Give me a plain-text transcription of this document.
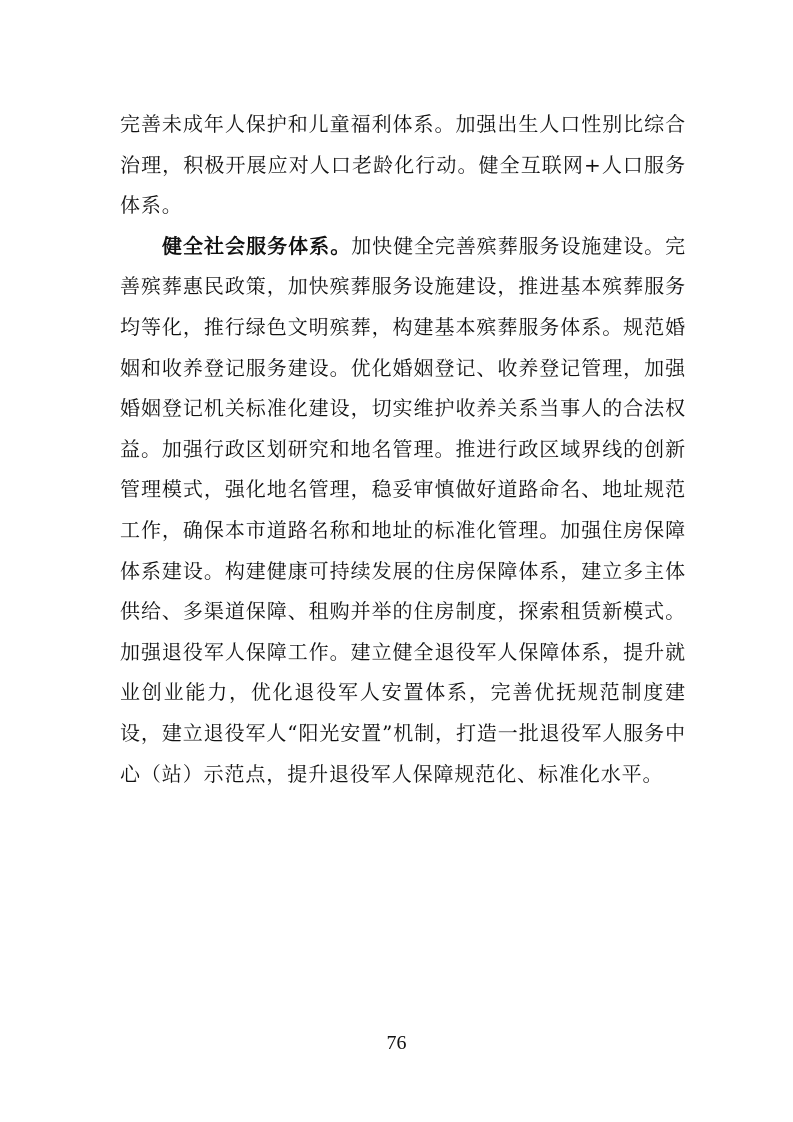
完善未成年人保护和儿童福利体系。加强出生人口性别比综合治理，积极开展应对人口老龄化行动。健全互联网+人口服务体系。

健全社会服务体系。加快健全完善殡葬服务设施建设。完善殡葬惠民政策，加快殡葬服务设施建设，推进基本殡葬服务均等化，推行绿色文明殡葬，构建基本殡葬服务体系。规范婚姻和收养登记服务建设。优化婚姻登记、收养登记管理，加强婚姻登记机关标准化建设，切实维护收养关系当事人的合法权益。加强行政区划研究和地名管理。推进行政区域界线的创新管理模式，强化地名管理，稳妥审慎做好道路命名、地址规范工作，确保本市道路名称和地址的标准化管理。加强住房保障体系建设。构建健康可持续发展的住房保障体系，建立多主体供给、多渠道保障、租购并举的住房制度，探索租赁新模式。加强退役军人保障工作。建立健全退役军人保障体系，提升就业创业能力，优化退役军人安置体系，完善优抚规范制度建设，建立退役军人“阳光安置”机制，打造一批退役军人服务中心（站）示范点，提升退役军人保障规范化、标准化水平。

76
